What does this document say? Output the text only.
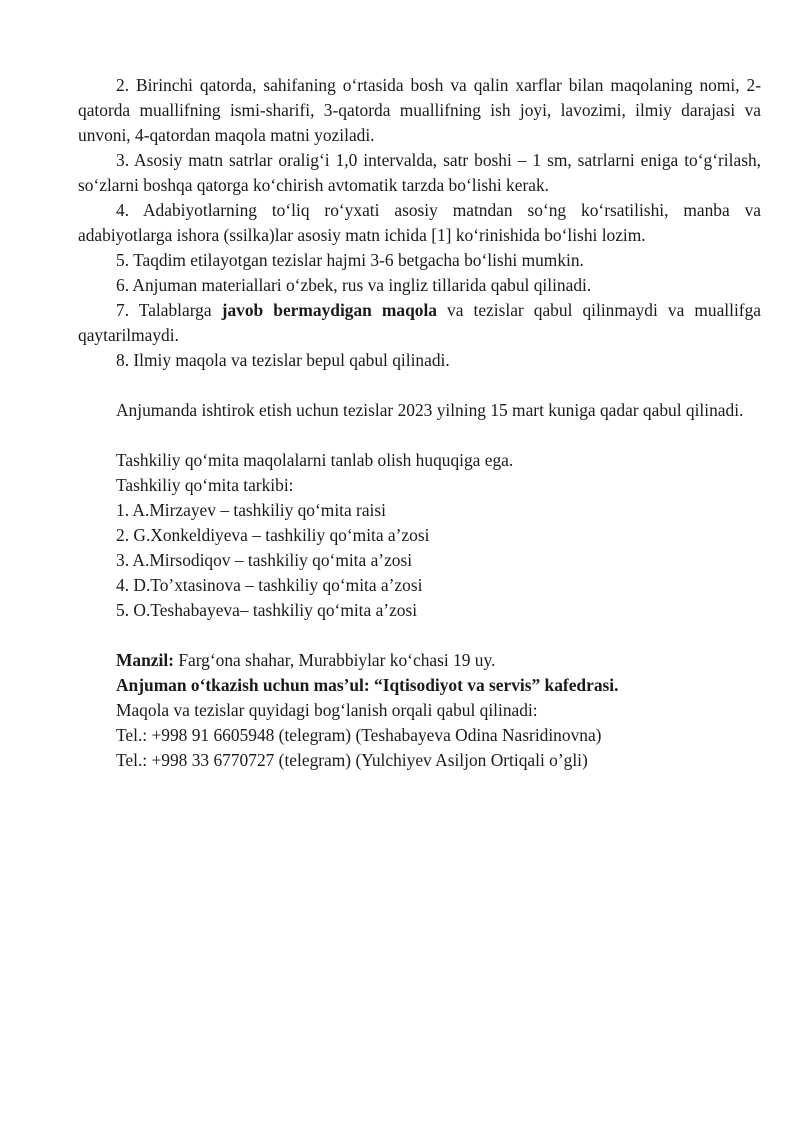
2. Birinchi qatorda, sahifaning o‘rtasida bosh va qalin xarflar bilan maqolaning nomi, 2-qatorda muallifning ismi-sharifi, 3-qatorda muallifning ish joyi, lavozimi, ilmiy darajasi va unvoni, 4-qatordan maqola matni yoziladi.

3. Asosiy matn satrlar oralig‘i 1,0 intervalda, satr boshi – 1 sm, satrlarni eniga to‘g‘rilash, so‘zlarni boshqa qatorga ko‘chirish avtomatik tarzda bo‘lishi kerak.

4. Adabiyotlarning to‘liq ro‘yxati asosiy matndan so‘ng ko‘rsatilishi, manba va adabiyotlarga ishora (ssilka)lar asosiy matn ichida [1] ko‘rinishida bo‘lishi lozim.

5. Taqdim etilayotgan tezislar hajmi 3-6 betgacha bo‘lishi mumkin.

6. Anjuman materiallari o‘zbek, rus va ingliz tillarida qabul qilinadi.

7. Talablarga javob bermaydigan maqola va tezislar qabul qilinmaydi va muallifga qaytarilmaydi.

8. Ilmiy maqola va tezislar bepul qabul qilinadi.

Anjumanda ishtirok etish uchun tezislar 2023 yilning 15 mart kuniga qadar qabul qilinadi.

Tashkiliy qo‘mita maqolalarni tanlab olish huquqiga ega.

Tashkiliy qo‘mita tarkibi:

1. A.Mirzayev – tashkiliy qo‘mita raisi

2. G.Xonkeldiyeva – tashkiliy qo‘mita a’zosi

3. A.Mirsodiqov – tashkiliy qo‘mita a’zosi

4. D.To’xtasinova – tashkiliy qo‘mita a’zosi

5. O.Teshabayeva– tashkiliy qo‘mita a’zosi

Manzil: Farg‘ona shahar, Murabbiylar ko‘chasi 19 uy.

Anjuman o‘tkazish uchun mas’ul: “Iqtisodiyot va servis” kafedrasi.

Maqola va tezislar quyidagi bog‘lanish orqali qabul qilinadi:

Tel.: +998 91 6605948 (telegram) (Teshabayeva Odina Nasridinovna)

Tel.: +998 33 6770727 (telegram) (Yulchiyev Asiljon Ortiqali o’gli)
